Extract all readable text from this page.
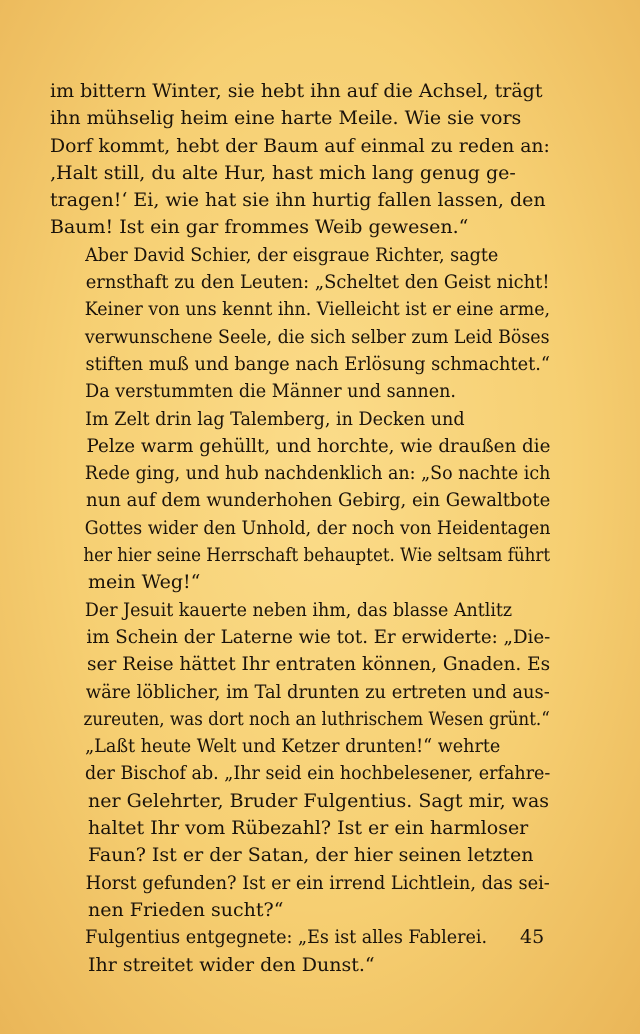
im bittern Winter, sie hebt ihn auf die Achsel, trägt
ihn mühselig heim eine harte Meile. Wie sie vors
Dorf kommt, hebt der Baum auf einmal zu reden an:
‚Halt still, du alte Hur, hast mich lang genug ge-
tragen!‘ Ei, wie hat sie ihn hurtig fallen lassen, den
Baum! Ist ein gar frommes Weib gewesen.“

Aber David Schier, der eisgraue Richter, sagte
ernsthaft zu den Leuten: „Scheltet den Geist nicht!
Keiner von uns kennt ihn. Vielleicht ist er eine arme,
verwunschene Seele, die sich selber zum Leid Böses
stiften muß und bange nach Erlösung schmachtet.“

Da verstummten die Männer und sannen.

Im Zelt drin lag Talemberg, in Decken und
Pelze warm gehüllt, und horchte, wie draußen die
Rede ging, und hub nachdenklich an: „So nachte ich
nun auf dem wunderhohen Gebirg, ein Gewaltbote
Gottes wider den Unhold, der noch von Heidentagen
her hier seine Herrschaft behauptet. Wie seltsam führt
mein Weg!“

Der Jesuit kauerte neben ihm, das blasse Antlitz
im Schein der Laterne wie tot. Er erwiderte: „Die-
ser Reise hättet Ihr entraten können, Gnaden. Es
wäre löblicher, im Tal drunten zu ertreten und aus-
zureuten, was dort noch an luthrischem Wesen grünt.“

„Laßt heute Welt und Ketzer drunten!“ wehrte
der Bischof ab. „Ihr seid ein hochbelesener, erfahre-
ner Gelehrter, Bruder Fulgentius. Sagt mir, was
haltet Ihr vom Rübezahl? Ist er ein harmloser
Faun? Ist er der Satan, der hier seinen letzten
Horst gefunden? Ist er ein irrend Lichtlein, das sei-
nen Frieden sucht?“

Fulgentius entgegnete: „Es ist alles Fablerei.
Ihr streitet wider den Dunst.“

45
